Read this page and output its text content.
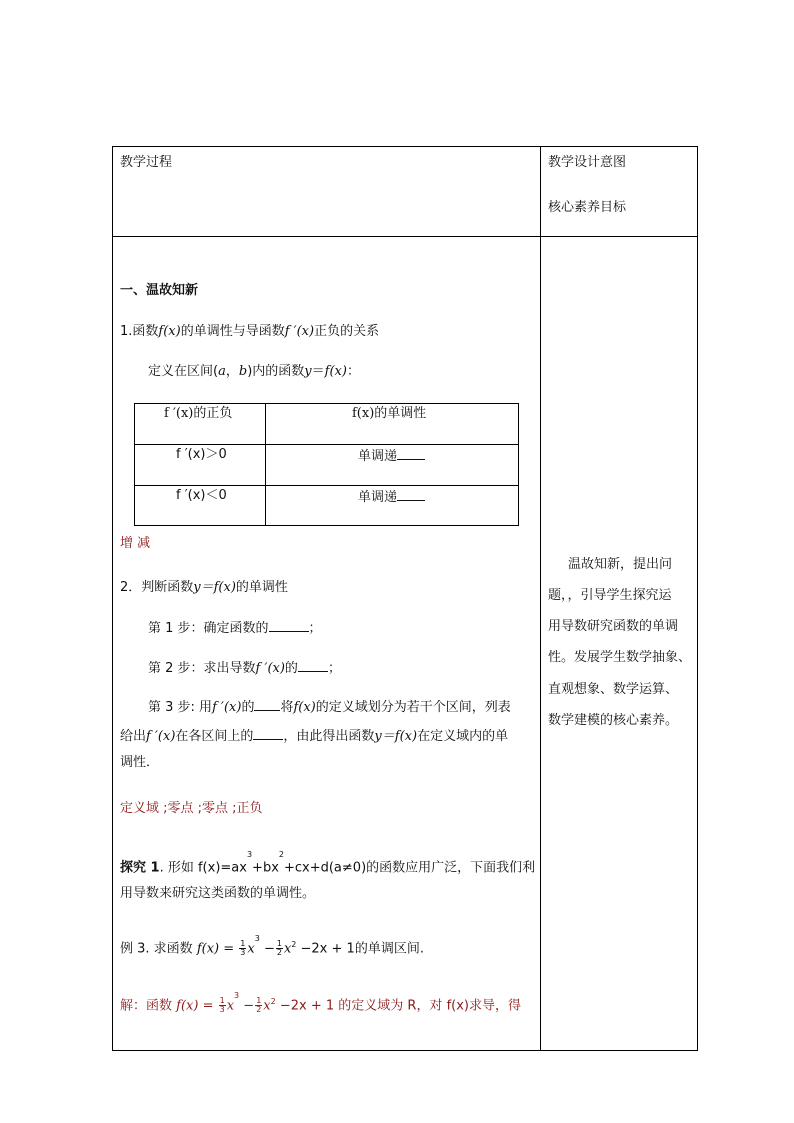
教学过程	教学设计意图
核心素养目标
一、温故知新
1.函数f(x)的单调性与导函数f ′(x)正负的关系
定义在区间(a，b)内的函数y＝f(x)：
f ′(x)的正负	f(x)的单调性
f ′(x)＞0	单调递
f ′(x)＜0	单调递
增 减
2．判断函数y＝f(x)的单调性
第 1 步：确定函数的	；
第 2 步：求出导数f ′(x)的 ；
第 3 步: 用f ′(x)的 将f(x)的定义域划分为若干个区间，列表
给出f ′(x)在各区间上的 ，由此得出函数y＝f(x)在定义域内的单
调性．
定义域 ;零点 ;零点 ;正负
探究 1. 形如 $f(x)=ax^3+bx^2+cx+d(a\ne 0)$的函数应用广泛，下面我们利
用导数来研究这类函数的单调性。
例 3. 求函数 $f(x) = \frac{1}{3} x^3 - \frac{1}{2} x^2 -2x + 1$的单调区间.
解：函数 $f(x) = \frac{1}{3} x^3 - \frac{1}{2} x^2 -2x + 1$ 的定义域为 R，对 f(x)求导，得
温故知新，提出问
题，，引导学生探究运
用导数研究函数的单调
性。发展学生数学抽象、
直观想象、数学运算、
数学建模的核心素养。
